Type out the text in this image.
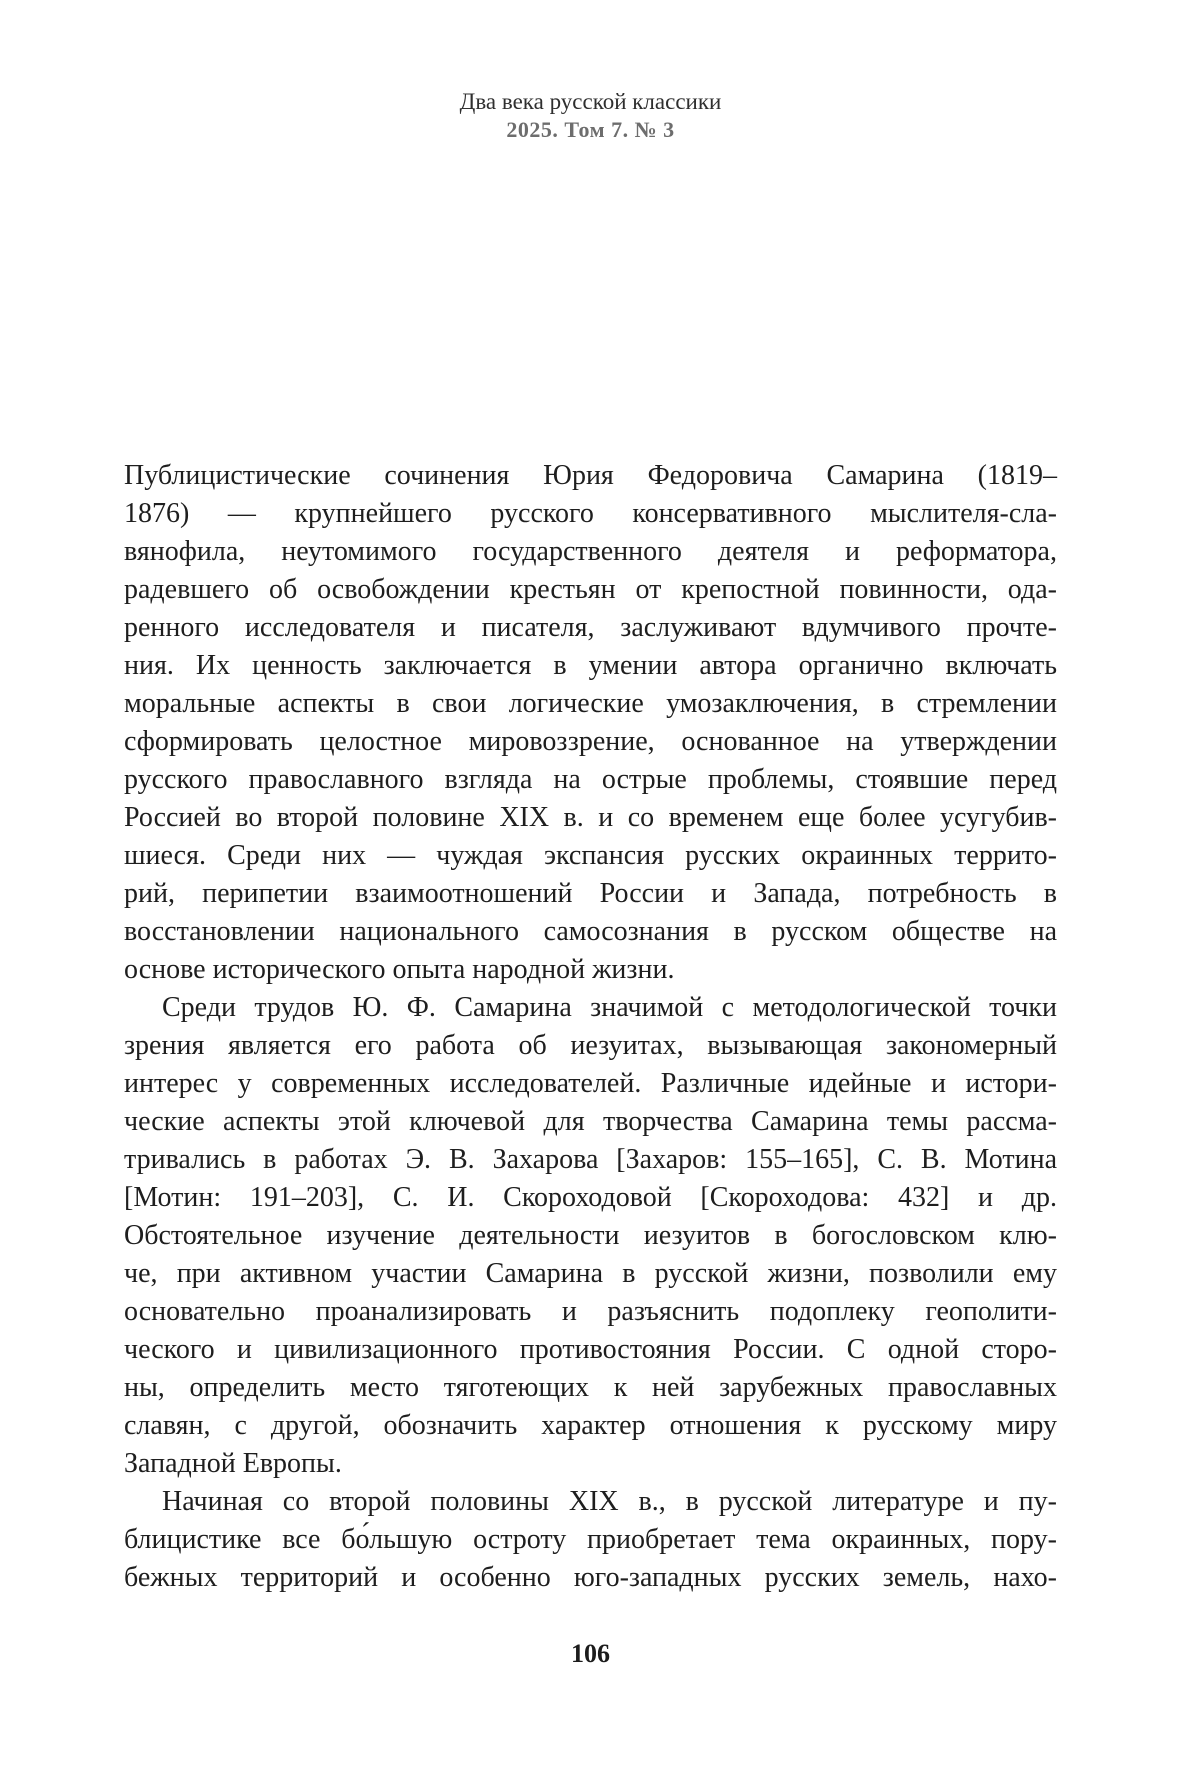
Два века русской классики
2025. Том 7. № 3

Публицистические сочинения Юрия Федоровича Самарина (1819–

1876) — крупнейшего русского консервативного мыслителя-сла-

вянофила, неутомимого государственного деятеля и реформатора,

радевшего об освобождении крестьян от крепостной повинности, ода-

ренного исследователя и писателя, заслуживают вдумчивого прочте-

ния. Их ценность заключается в умении автора органично включать

моральные аспекты в свои логические умозаключения, в стремлении

сформировать целостное мировоззрение, основанное на утверждении

русского православного взгляда на острые проблемы, стоявшие перед

Россией во второй половине XIX в. и со временем еще более усугубив-

шиеся. Среди них — чуждая экспансия русских окраинных террито-

рий, перипетии взаимоотношений России и Запада, потребность в

восстановлении национального самосознания в русском обществе на

основе исторического опыта народной жизни.

Среди трудов Ю. Ф. Самарина значимой с методологической точки

зрения является его работа об иезуитах, вызывающая закономерный

интерес у современных исследователей. Различные идейные и истори-

ческие аспекты этой ключевой для творчества Самарина темы рассма-

тривались в работах Э. В. Захарова [Захаров: 155–165], С. В. Мотина

[Мотин: 191–203], С. И. Скороходовой [Скороходова: 432] и др.

Обстоятельное изучение деятельности иезуитов в богословском клю-

че, при активном участии Самарина в русской жизни, позволили ему

основательно проанализировать и разъяснить подоплеку геополити-

ческого и цивилизационного противостояния России. С одной сторо-

ны, определить место тяготеющих к ней зарубежных православных

славян, с другой, обозначить характер отношения к русскому миру

Западной Европы.

Начиная со второй половины XIX в., в русской литературе и пу-

блицистике все бо́льшую остроту приобретает тема окраинных, пору-

бежных территорий и особенно юго-западных русских земель, нахо-

106
